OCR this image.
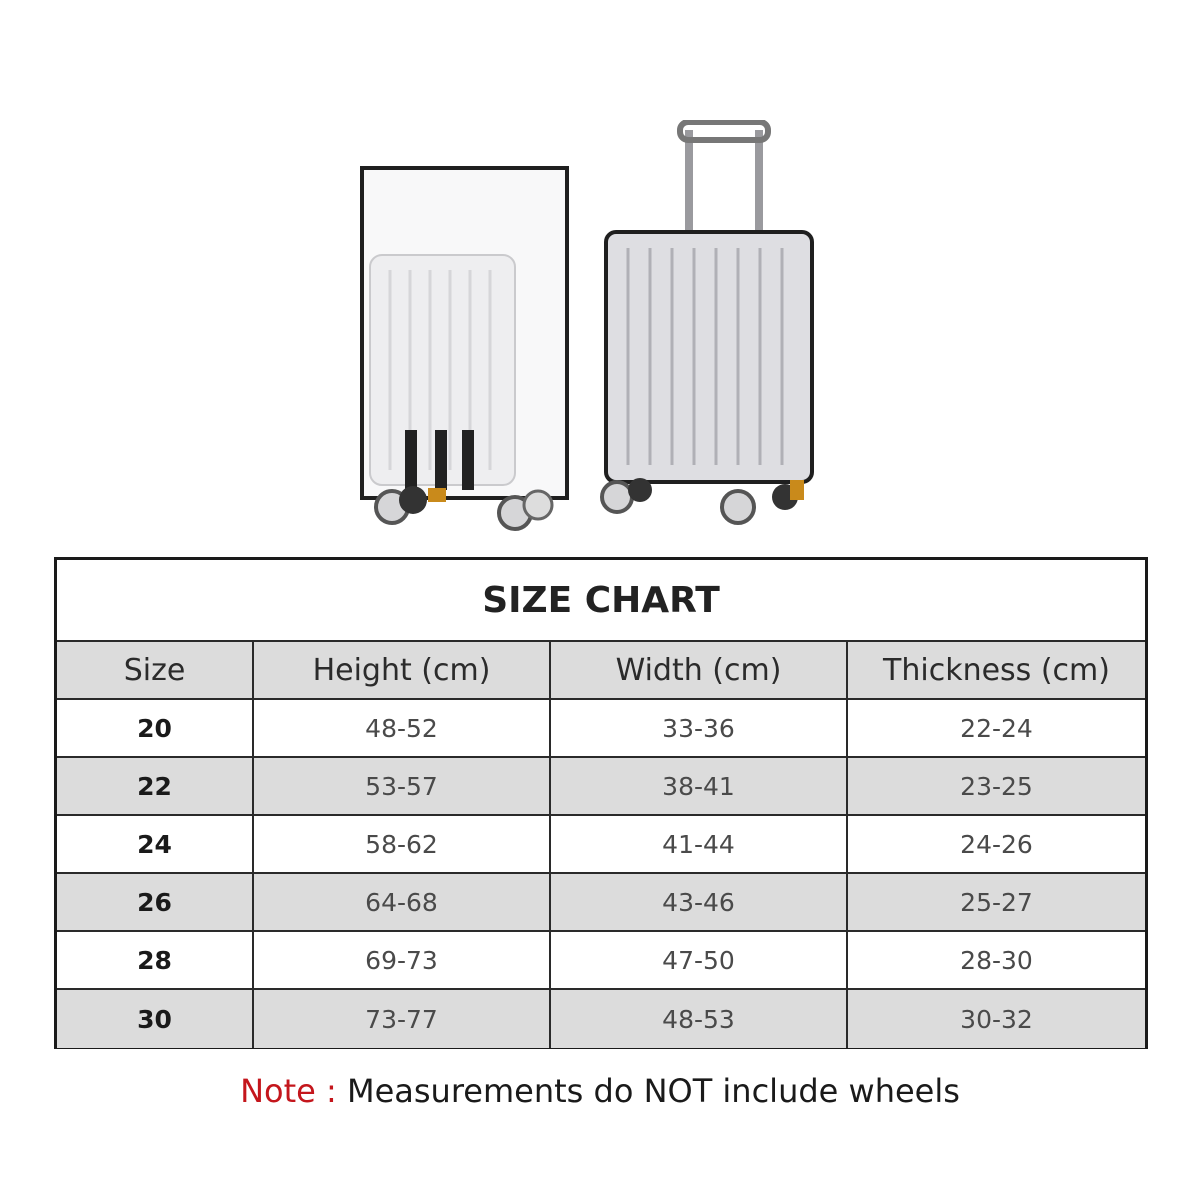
SIZE CHART
Size	Height (cm)	Width (cm)	Thickness (cm)
20	48-52	33-36	22-24
22	53-57	38-41	23-25
24	58-62	41-44	24-26
26	64-68	43-46	25-27
28	69-73	47-50	28-30
30	73-77	48-53	30-32
Note : Measurements do NOT include wheels
